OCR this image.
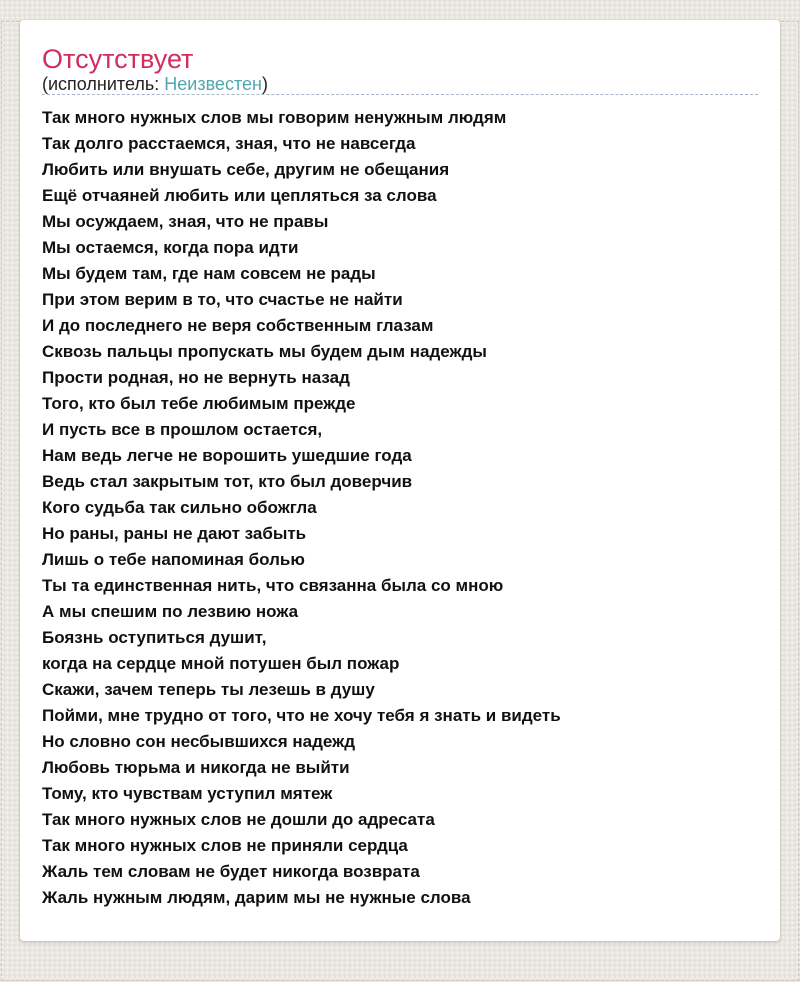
Отсутствует
(исполнитель: Неизвестен)
Так много нужных слов мы говорим ненужным людям
Так долго расстаемся, зная, что не навсегда
Любить или внушать себе, другим не обещания
Ещё отчаяней любить или цепляться за слова
Мы осуждаем, зная, что не правы
Мы остаемся, когда пора идти
Мы будем там, где нам совсем не рады
При этом верим в то, что счастье не найти
И до последнего не веря собственным глазам
Сквозь пальцы пропускать мы будем дым надежды
Прости родная, но не вернуть назад
Того, кто был тебе любимым прежде
И пусть все в прошлом остается,
Нам ведь легче не ворошить ушедшие года
Ведь стал закрытым тот, кто был доверчив
Кого судьба так сильно обожгла
Но раны, раны не дают забыть
Лишь о тебе напоминая болью
Ты та единственная нить, что связанна была со мною
А мы спешим по лезвию ножа
Боязнь оступиться душит,
когда на сердце мной потушен был пожар
Скажи, зачем теперь ты лезешь в душу
Пойми, мне трудно от того, что не хочу тебя я знать и видеть
Но словно сон несбывшихся надежд
Любовь тюрьма и никогда не выйти
Тому, кто чувствам уступил мятеж
Так много нужных слов не дошли до адресата
Так много нужных слов не приняли сердца
Жаль тем словам не будет никогда возврата
Жаль нужным людям, дарим мы не нужные слова
